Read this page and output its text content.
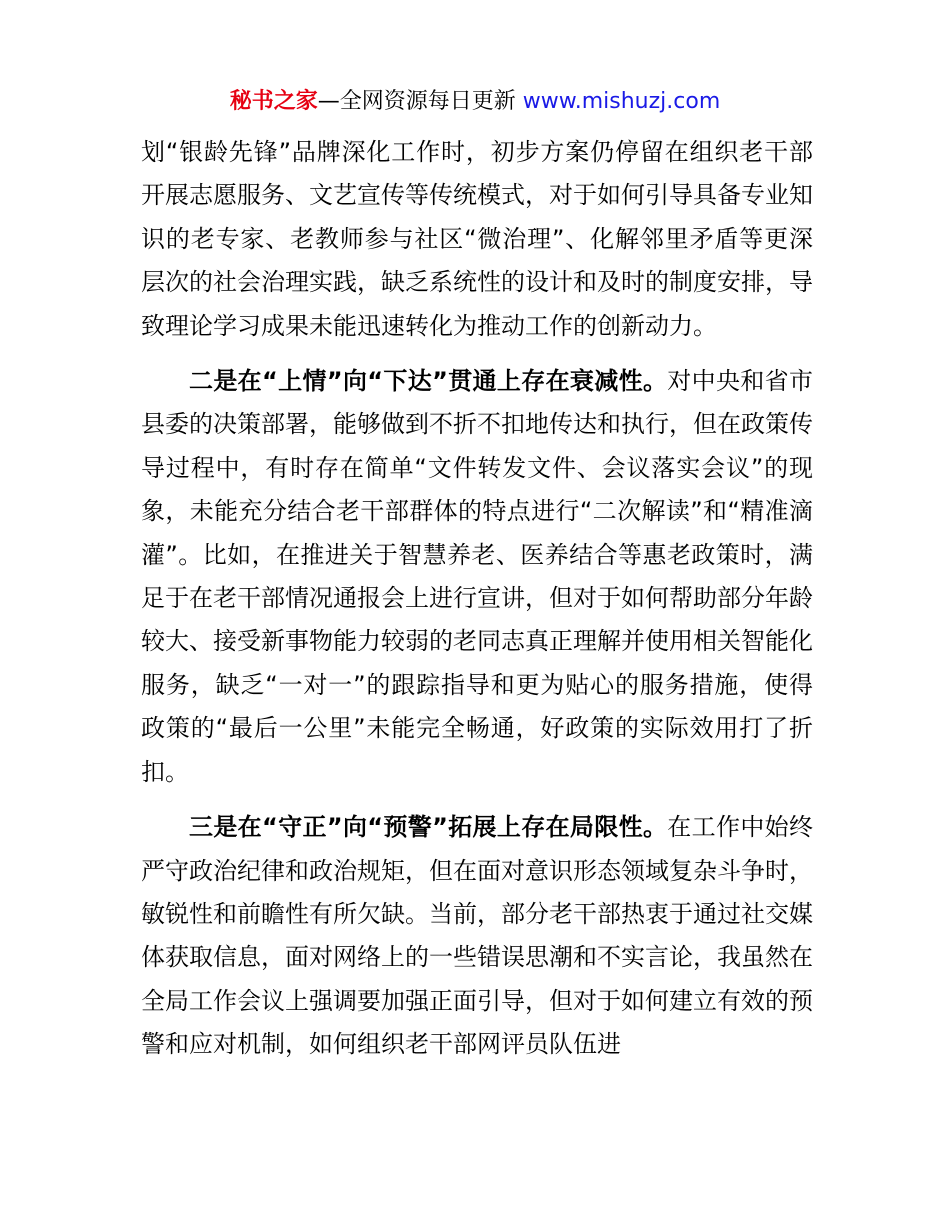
秘书之家—全网资源每日更新 www.mishuzj.com

划“银龄先锋”品牌深化工作时，初步方案仍停留在组织老干部开展志愿服务、文艺宣传等传统模式，对于如何引导具备专业知识的老专家、老教师参与社区“微治理”、化解邻里矛盾等更深层次的社会治理实践，缺乏系统性的设计和及时的制度安排，导致理论学习成果未能迅速转化为推动工作的创新动力。

二是在“上情”向“下达”贯通上存在衰减性。对中央和省市县委的决策部署，能够做到不折不扣地传达和执行，但在政策传导过程中，有时存在简单“文件转发文件、会议落实会议”的现象，未能充分结合老干部群体的特点进行“二次解读”和“精准滴灌”。比如，在推进关于智慧养老、医养结合等惠老政策时，满足于在老干部情况通报会上进行宣讲，但对于如何帮助部分年龄较大、接受新事物能力较弱的老同志真正理解并使用相关智能化服务，缺乏“一对一”的跟踪指导和更为贴心的服务措施，使得政策的“最后一公里”未能完全畅通，好政策的实际效用打了折扣。

三是在“守正”向“预警”拓展上存在局限性。在工作中始终严守政治纪律和政治规矩，但在面对意识形态领域复杂斗争时，敏锐性和前瞻性有所欠缺。当前，部分老干部热衷于通过社交媒体获取信息，面对网络上的一些错误思潮和不实言论，我虽然在全局工作会议上强调要加强正面引导，但对于如何建立有效的预警和应对机制，如何组织老干部网评员队伍进
